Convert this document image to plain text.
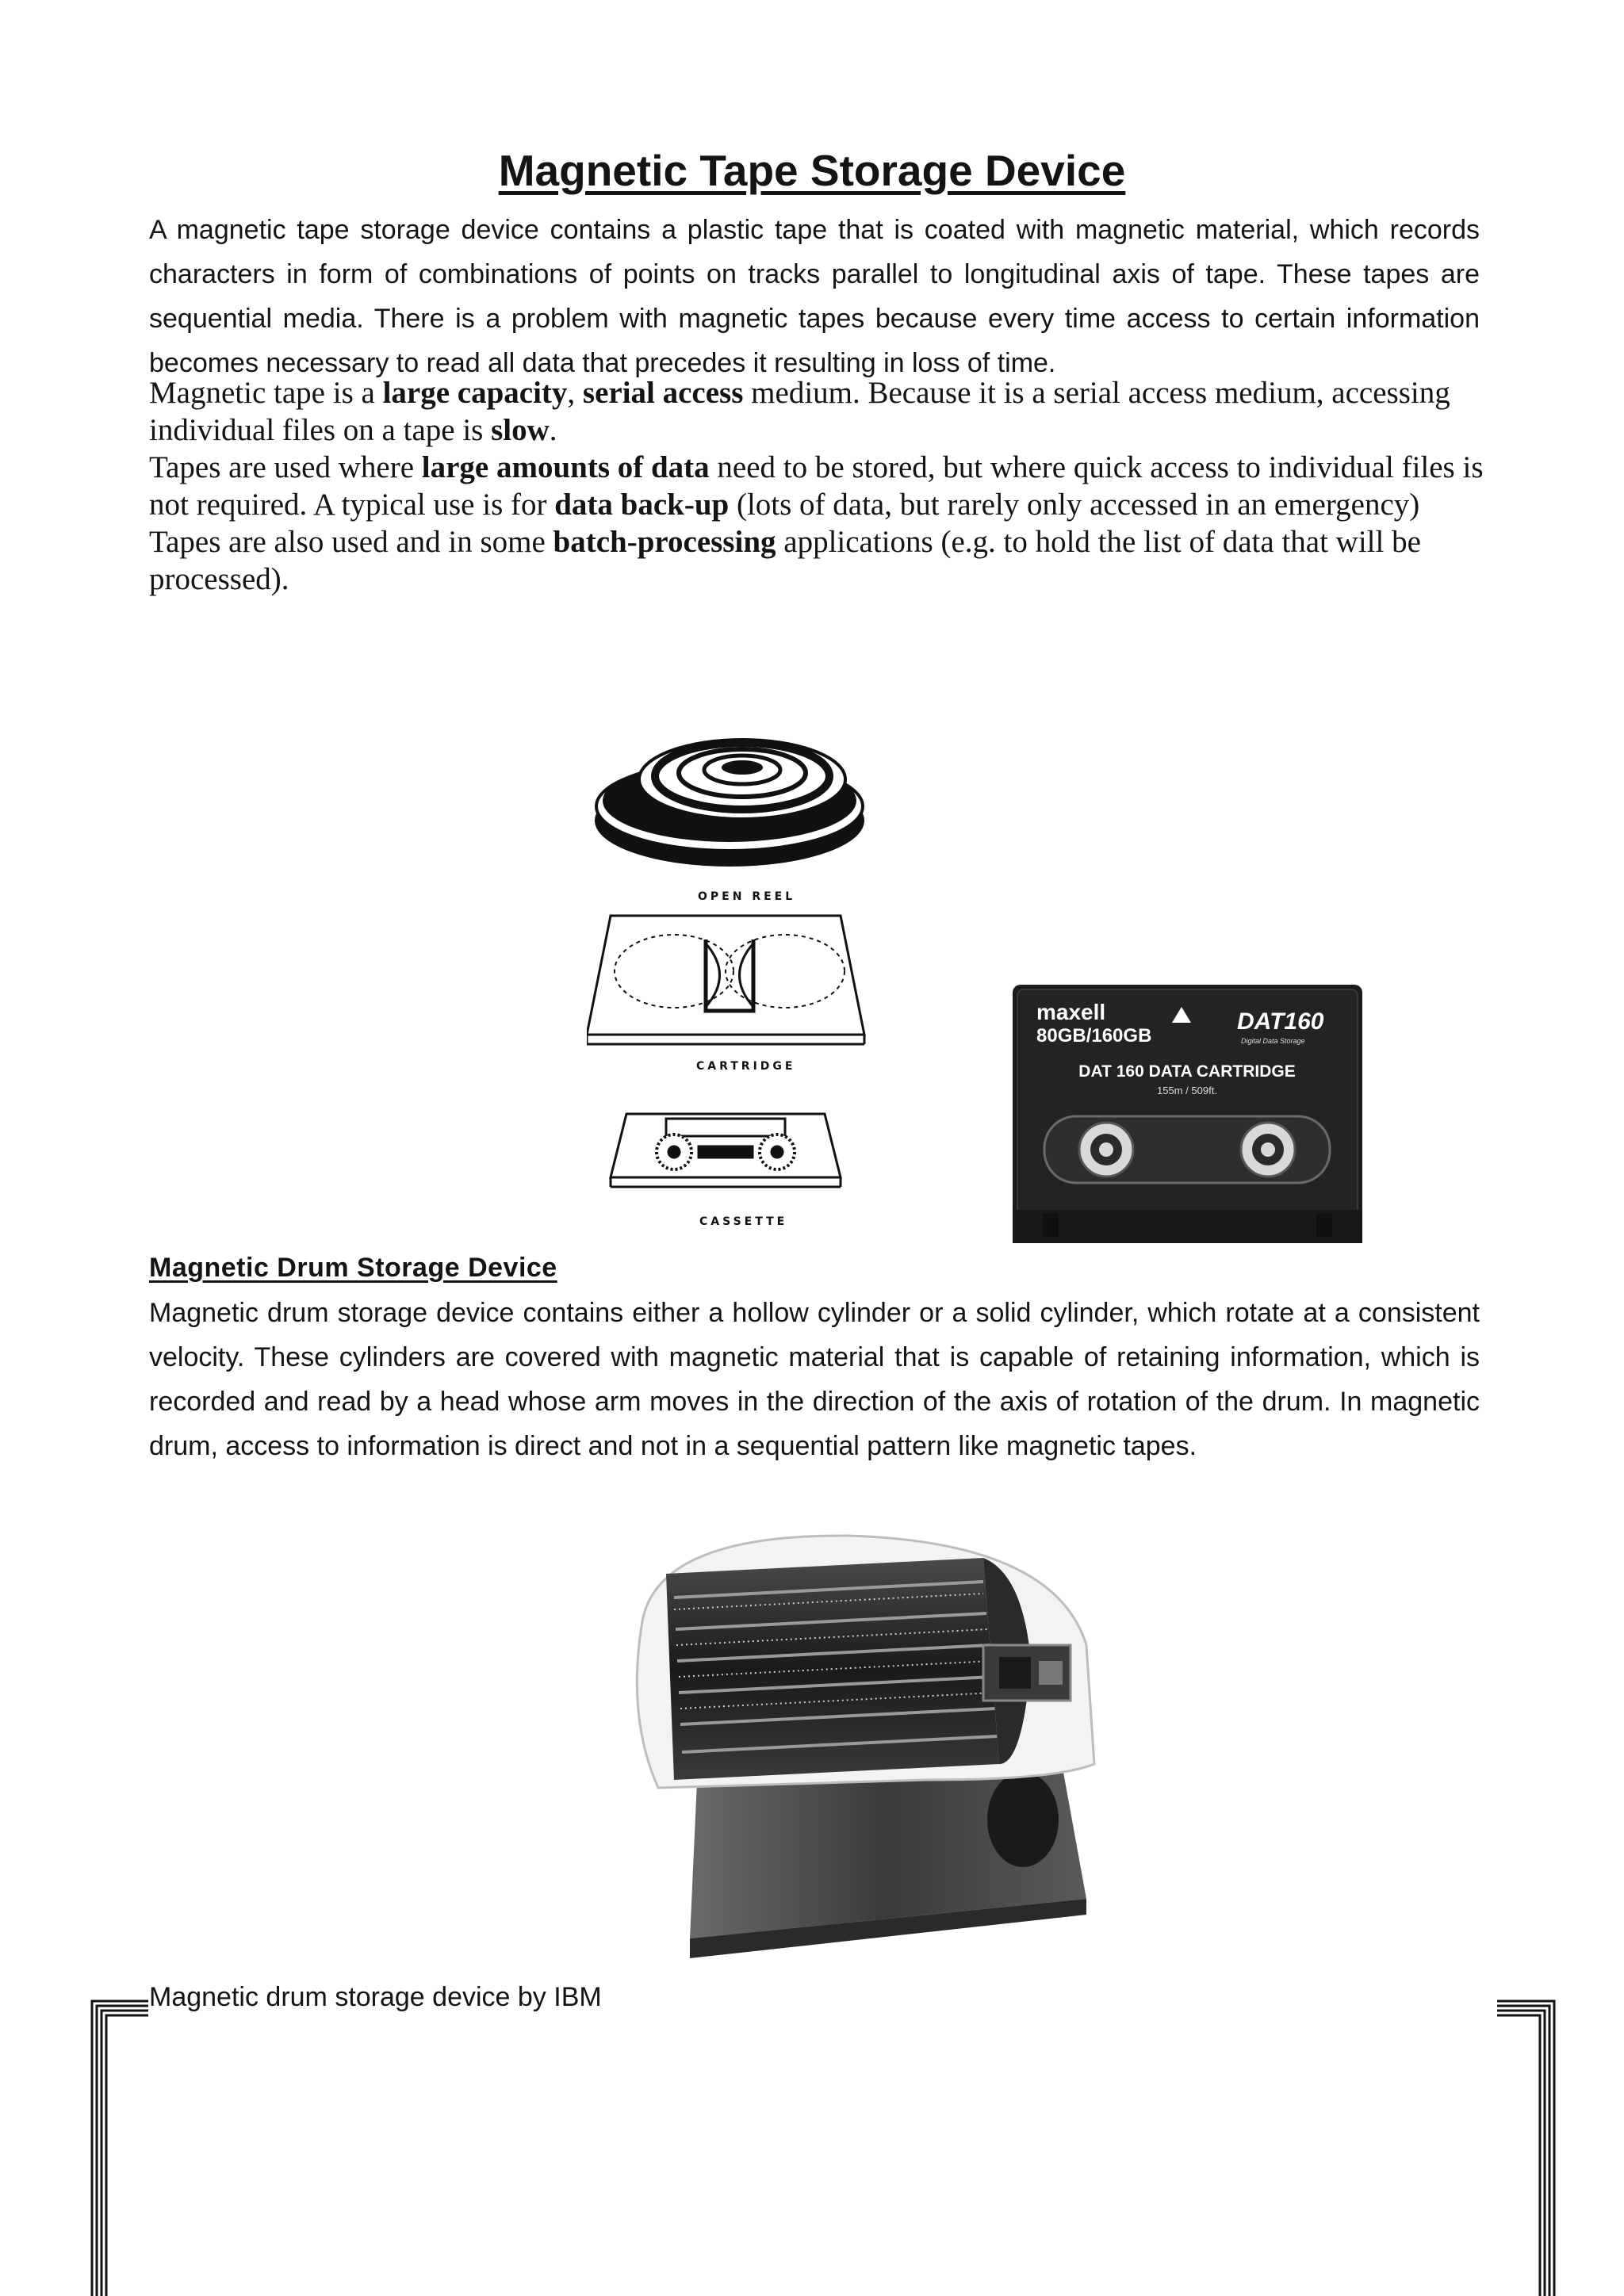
Magnetic Tape Storage Device

A magnetic tape storage device contains a plastic tape that is coated with magnetic material, which records characters in form of combinations of points on tracks parallel to longitudinal axis of tape. These tapes are sequential media. There is a problem with magnetic tapes because every time access to certain information becomes necessary to read all data that precedes it resulting in loss of time.

Magnetic tape is a large capacity, serial access medium. Because it is a serial access medium, accessing individual files on a tape is slow.

Tapes are used where large amounts of data need to be stored, but where quick access to individual files is not required. A typical use is for data back-up (lots of data, but rarely only accessed in an emergency)

Tapes are also used and in some batch-processing applications (e.g. to hold the list of data that will be processed).

OPEN REEL
CARTRIDGE
CASSETTE
maxell
80GB/160GB
DAT160
Digital Data Storage
DAT 160 DATA CARTRIDGE
155m / 509ft.
Magnetic Drum Storage Device

Magnetic drum storage device contains either a hollow cylinder or a solid cylinder, which rotate at a consistent velocity. These cylinders are covered with magnetic material that is capable of retaining information, which is recorded and read by a head whose arm moves in the direction of the axis of rotation of the drum. In magnetic drum, access to information is direct and not in a sequential pattern like magnetic tapes.

Magnetic drum storage device by IBM
